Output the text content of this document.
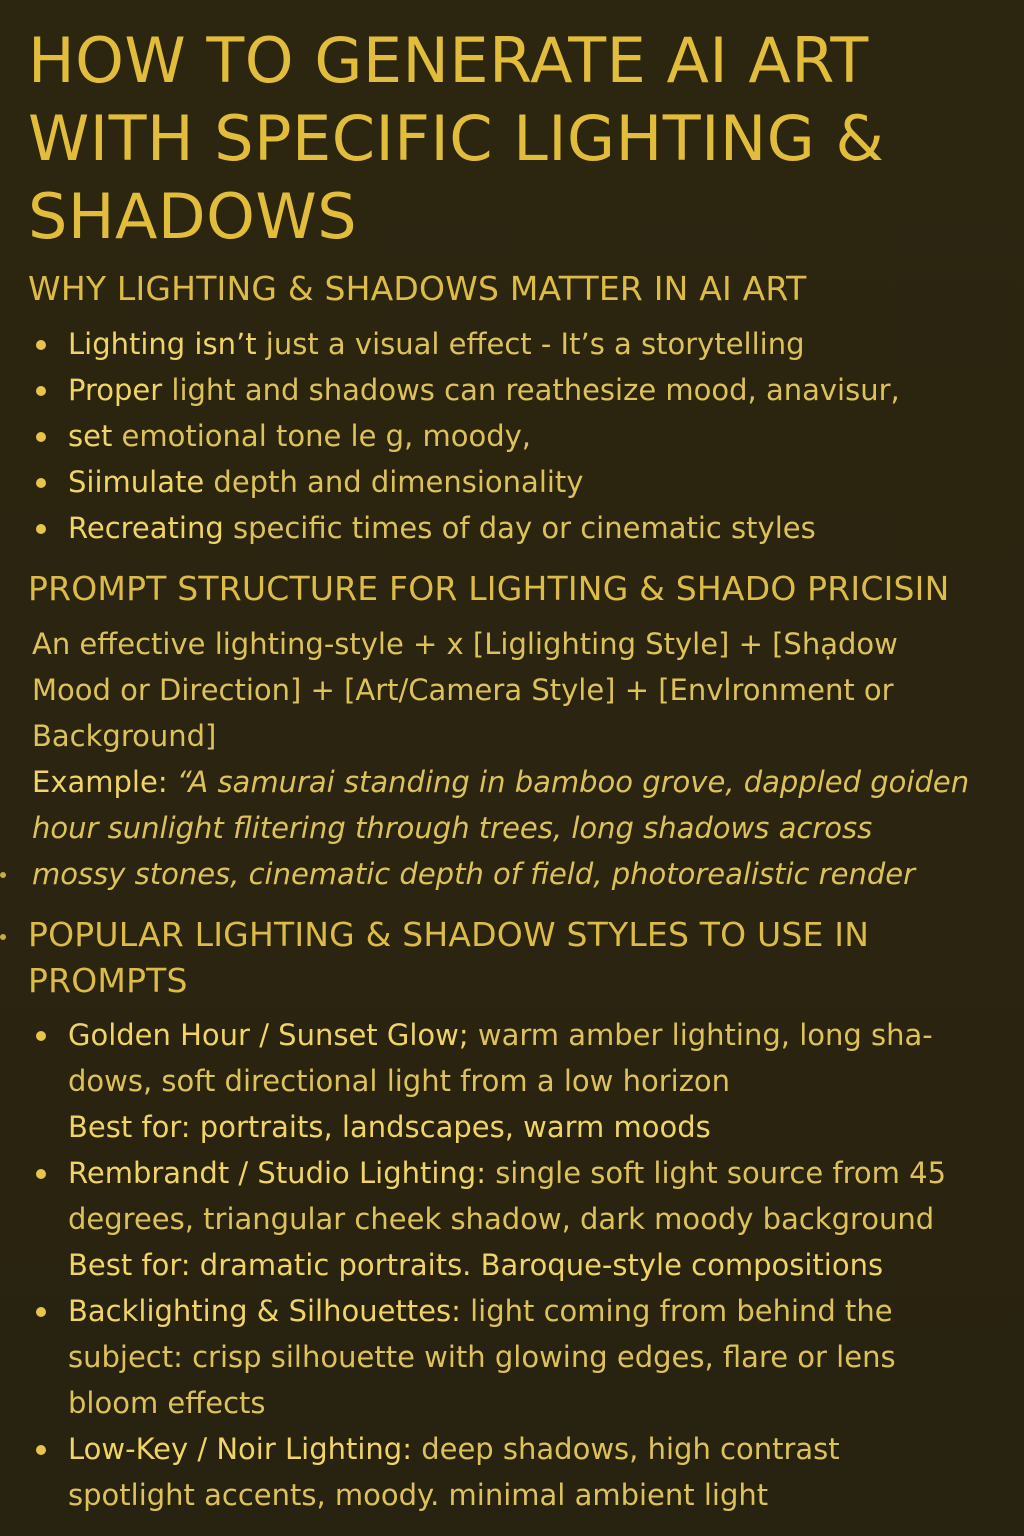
HOW TO GENERATE AI ART
WITH SPECIFIC LIGHTING &
SHADOWS
WHY LIGHTING & SHADOWS MATTER IN AI ART
Lighting isn’t just a visual effect - It’s a storytelling
Proper light and shadows can reathesize mood, anavisur,
set emotional tone le g, moody,
Siimulate depth and dimensionality
Recreating specific times of day or cinematic styles
PROMPT STRUCTURE FOR LIGHTING & SHADO PRICISIN

An effective lighting-style + x [Liglighting Style] + [Shạdow
Mood or Direction] + [Art/Camera Style] + [Envlronment or
Background]
Example: “A samurai standing in bamboo grove, dappled goiden
hour sunlight flitering through trees, long shadows across
mossy stones, cinematic depth of field, photorealistic render

POPULAR LIGHTING & SHADOW STYLES TO USE IN
PROMPTS
Golden Hour / Sunset Glow; warm amber lighting, long sha-
dows, soft directional light from a low horizon
Best for: portraits, landscapes, warm moods
Rembrandt / Studio Lighting: single soft light source from 45
degrees, triangular cheek shadow, dark moody background
Best for: dramatic portraits. Baroque-style compositions
Backlighting & Silhouettes: light coming from behind the
subject: crisp silhouette with glowing edges, flare or lens
bloom effects
Low-Key / Noir Lighting: deep shadows, high contrast
spotlight accents, moody. minimal ambient light
